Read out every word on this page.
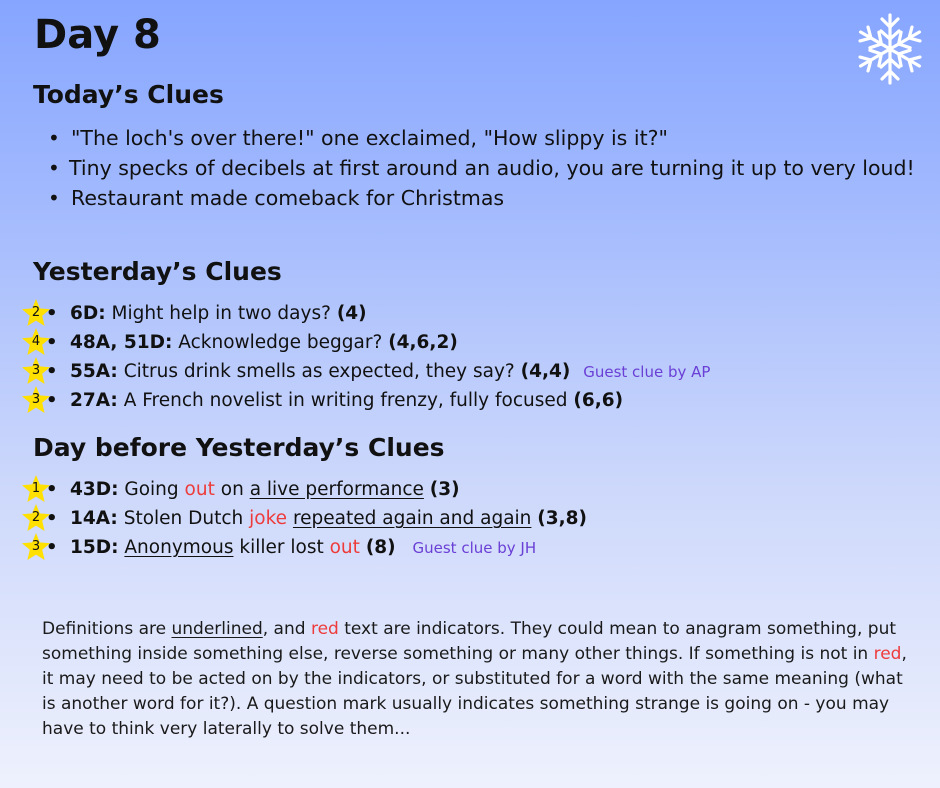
Day 8
Today’s Clues
• "The loch's over there!" one exclaimed, "How slippy is it?"
• Tiny specks of decibels at first around an audio, you are turning it up to very loud!
• Restaurant made comeback for Christmas
Yesterday’s Clues
2 • 6D: Might help in two days? (4)
4 • 48A, 51D: Acknowledge beggar? (4,6,2)
3 • 55A: Citrus drink smells as expected, they say? (4,4) Guest clue by AP
3 • 27A: A French novelist in writing frenzy, fully focused (6,6)
Day before Yesterday’s Clues
1 • 43D: Going out on a live performance (3)
2 • 14A: Stolen Dutch joke repeated again and again (3,8)
3 • 15D: Anonymous killer lost out (8) Guest clue by JH
Definitions are underlined, and red text are indicators. They could mean to anagram something, put something inside something else, reverse something or many other things. If something is not in red, it may need to be acted on by the indicators, or substituted for a word with the same meaning (what is another word for it?). A question mark usually indicates something strange is going on - you may have to think very laterally to solve them...
